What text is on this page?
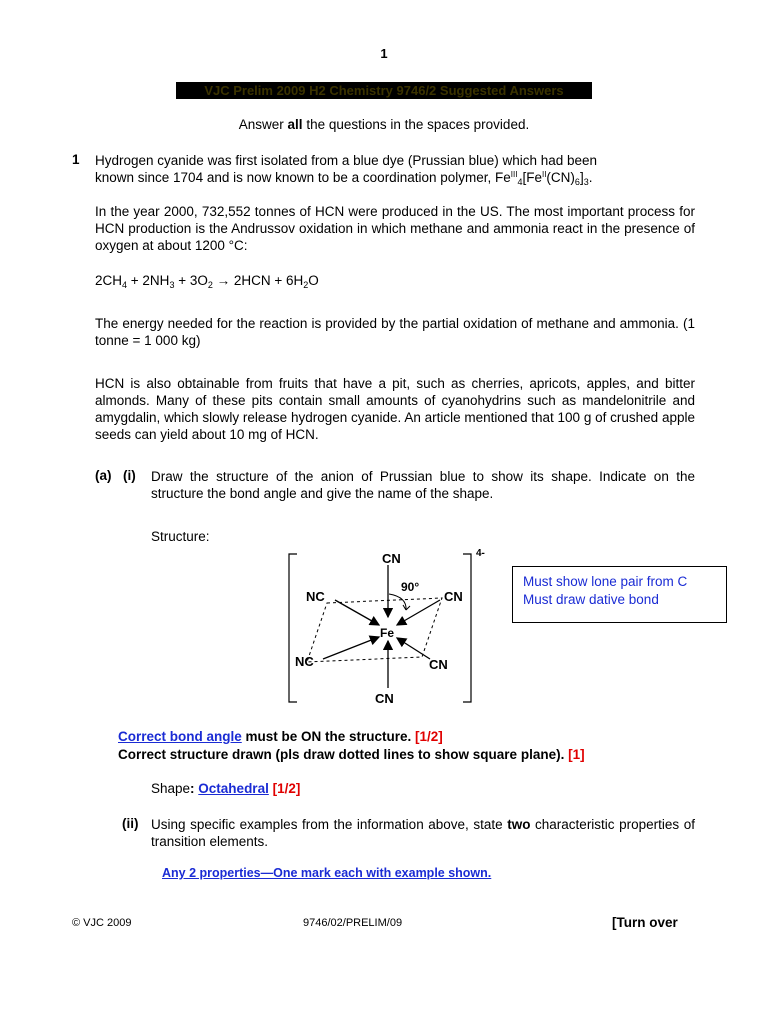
1
VJC Prelim 2009 H2 Chemistry 9746/2 Suggested Answers
Answer all the questions in the spaces provided.
1 Hydrogen cyanide was first isolated from a blue dye (Prussian blue) which had been
known since 1704 and is now known to be a coordination polymer, $Fe^{III}_4[Fe^{II}(CN)_6]_3$.
In the year 2000, 732,552 tonnes of HCN were produced in the US. The most important process for HCN production is the Andrussov oxidation in which methane and ammonia react in the presence of oxygen at about 1200 °C:
$2CH_4 + 2NH_3 + 3O_2 \to 2HCN + 6H_2O$
The energy needed for the reaction is provided by the partial oxidation of methane and ammonia. (1 tonne = 1 000 kg)
HCN is also obtainable from fruits that have a pit, such as cherries, apricots, apples, and bitter almonds. Many of these pits contain small amounts of cyanohydrins such as mandelonitrile and amygdalin, which slowly release hydrogen cyanide. An article mentioned that 100 g of crushed apple seeds can yield about 10 mg of HCN.
(a) (i) Draw the structure of the anion of Prussian blue to show its shape. Indicate on the structure the bond angle and give the name of the shape.
Structure:
4-
CN
90°
NC	CN
Fe
NC	CN
CN
Must show lone pair from C
Must draw dative bond
Correct bond angle must be ON the structure. [1/2]
Correct structure drawn (pls draw dotted lines to show square plane). [1]
Shape: Octahedral [1/2]
(ii) Using specific examples from the information above, state two characteristic properties of transition elements.
Any 2 properties—One mark each with example shown.
© VJC 2009	9746/02/PRELIM/09	[Turn over
